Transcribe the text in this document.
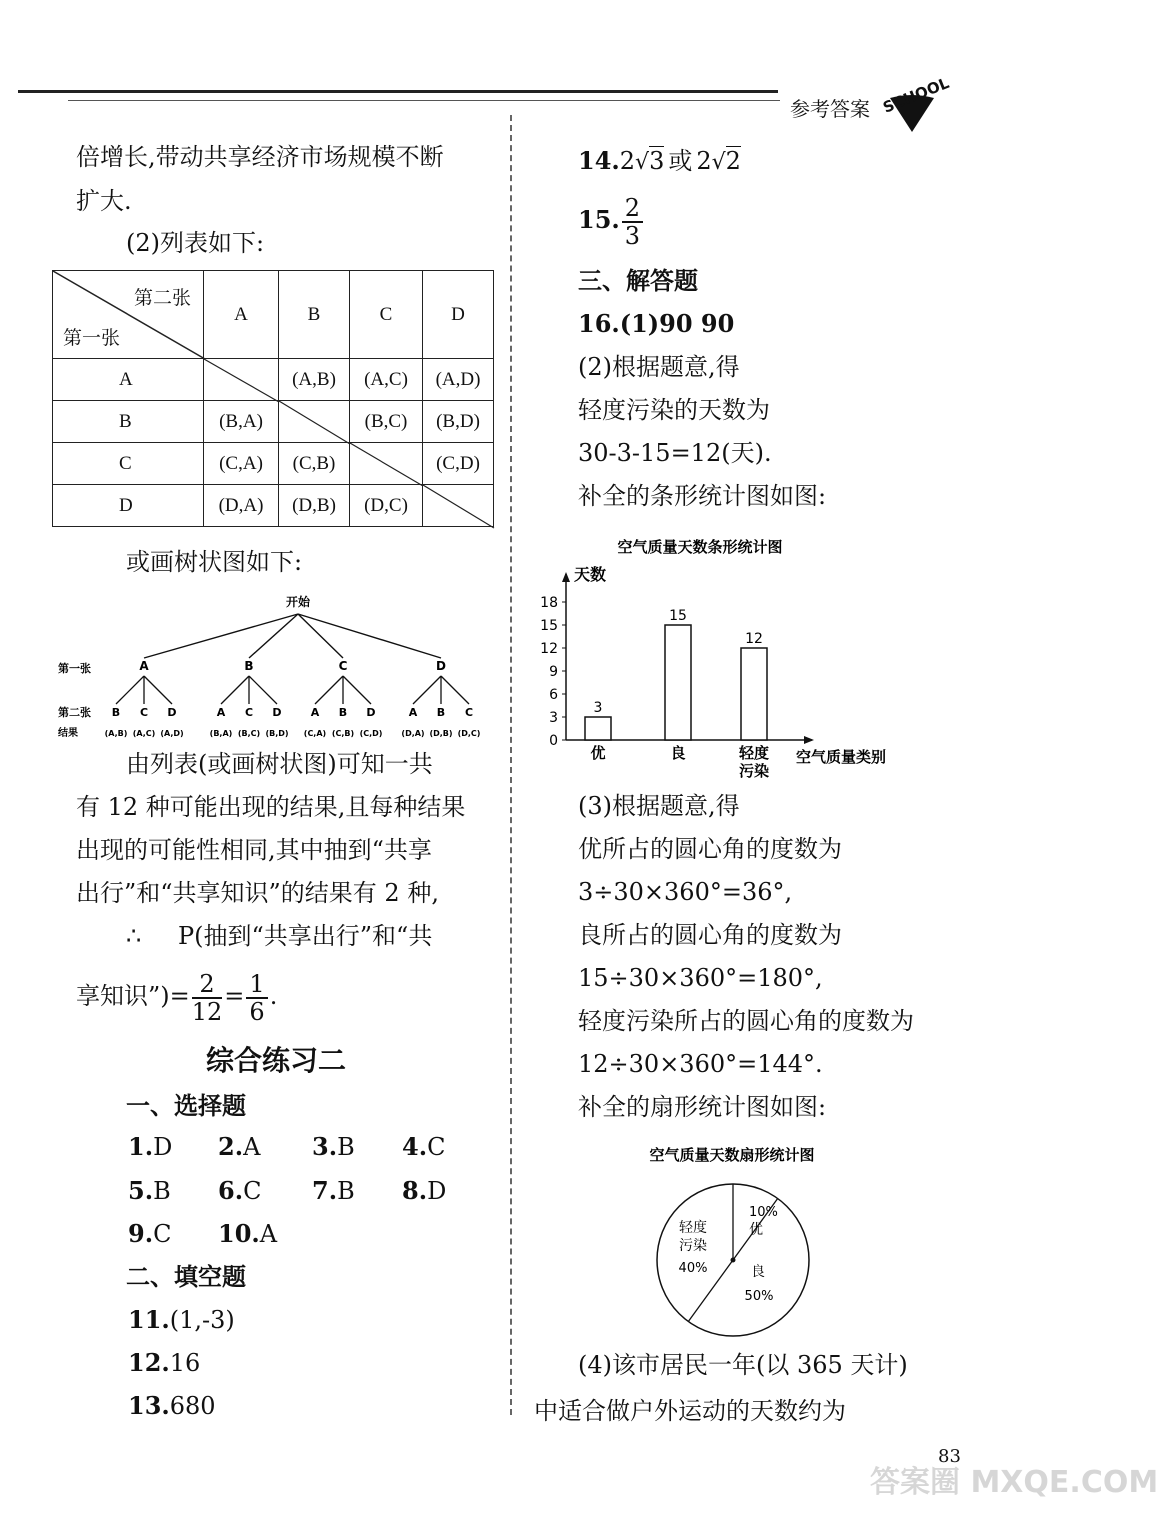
参考答案 SCHOOL
倍增长,带动共享经济市场规模不断
扩大.
(2)列表如下:
第二张
第一张	A	B	C	D
A		(A,B)	(A,C)	(A,D)
B	(B,A)		(B,C)	(B,D)
C	(C,A)	(C,B)		(C,D)
D	(D,A)	(D,B)	(D,C)	
或画树状图如下:
开始
第一张
第二张
结果
A
B
(A,B)
C
(A,C)
D
(A,D)
B
A
(B,A)
C
(B,C)
D
(B,D)
C
A
(C,A)
B
(C,B)
D
(C,D)
D
A
(D,A)
B
(D,B)
C
(D,C)
由列表(或画树状图)可知一共
有 12 种可能出现的结果,且每种结果
出现的可能性相同,其中抽到“共享
出行”和“共享知识”的结果有 2 种,
∴ P(抽到“共享出行”和“共
享知识”)= $\frac{2}{12} = \frac{1}{6}$ .
综合练习二
一、选择题
1.D 2.A 3.B 4.C
5.B 6.C 7.B 8.D
9.C 10.A
二、填空题
11.(1,-3)
12.16
13.680
14.2√3 或 2√2
15. $\frac{2}{3}$
三、解答题
16.(1)90 90
(2)根据题意,得
轻度污染的天数为
30-3-15=12(天).
补全的条形统计图如图:
空气质量天数条形统计图
天数
空气质量类别
0
3
6
9
12
15
18
3
优
15
良
12
轻度
污染
(3)根据题意,得
优所占的圆心角的度数为
3÷30×360°=36°,
良所占的圆心角的度数为
15÷30×360°=180°,
轻度污染所占的圆心角的度数为
12÷30×360°=144°.
补全的扇形统计图如图:
空气质量天数扇形统计图
10%
优
良
50%
轻度
污染
40%
(4)该市居民一年(以 365 天计)
中适合做户外运动的天数约为
83
答案圈 MXQE.COM
